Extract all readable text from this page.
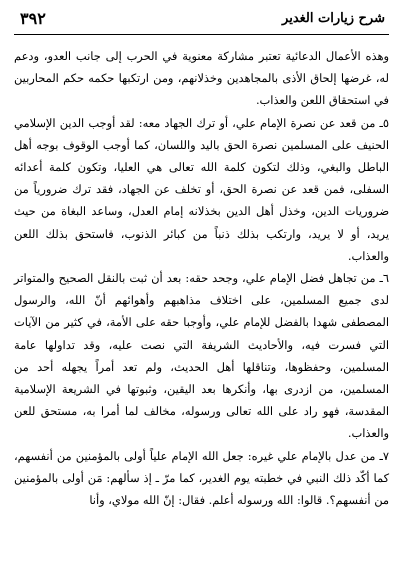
شرح زيارات الغدير
٣٩٢

وهذه الأعمال الدعائية تعتبر مشاركة معنوية في الحرب إلى جانب العدو، ودعم له، غرضها إلحاق الأذى بالمجاهدين وخذلانهم، ومن ارتكبها حكمه حكم المحاربين في استحقاق اللعن والعذاب.

٥ـ من قعد عن نصرة الإمام علي، أو ترك الجهاد معه: لقد أوجب الدين الإسلامي الحنيف على المسلمين نصرة الحق باليد واللسان، كما أوجب الوقوف بوجه أهل الباطل والبغي، وذلك لتكون كلمة الله تعالى هي العليا، وتكون كلمة أعدائه السفلى، فمن قعد عن نصرة الحق، أو تخلف عن الجهاد، فقد ترك ضرورياً من ضروريات الدين، وخذل أهل الدين بخذلانه إمام العدل، وساعد البغاة من حيث يريد، أو لا يريد، وارتكب بذلك ذنباً من كبائر الذنوب، فاستحق بذلك اللعن والعذاب.

٦ـ من تجاهل فضل الإمام علي، وجحد حقه: بعد أن ثبت بالنقل الصحيح والمتواتر لدى جميع المسلمين، على اختلاف مذاهبهم وأهوائهم أنّ الله، والرسول المصطفى شهدا بالفضل للإمام علي، وأوجبا حقه على الأمة، في كثير من الآيات التي فسرت فيه، والأحاديث الشريفة التي نصت عليه، وقد تداولها عامة المسلمين، وحفظوها، وتناقلها أهل الحديث، ولم تعد أمراً يجهله أحد من المسلمين، من ازدرى بها، وأنكرها بعد اليقين، وثبوتها في الشريعة الإسلامية المقدسة، فهو راد على الله تعالى ورسوله، مخالف لما أمرا به، مستحق للعن والعذاب.

٧ـ من عدل بالإمام علي غيره: جعل الله الإمام علياً أولى بالمؤمنين من أنفسهم، كما أكّد ذلك النبي في خطبته يوم الغدير، كما مرّ ـ إذ سألهم: مَن أولى بالمؤمنين من أنفسهم؟. قالوا: الله ورسوله أعلم. فقال: إنّ الله مولاي، وأنا
